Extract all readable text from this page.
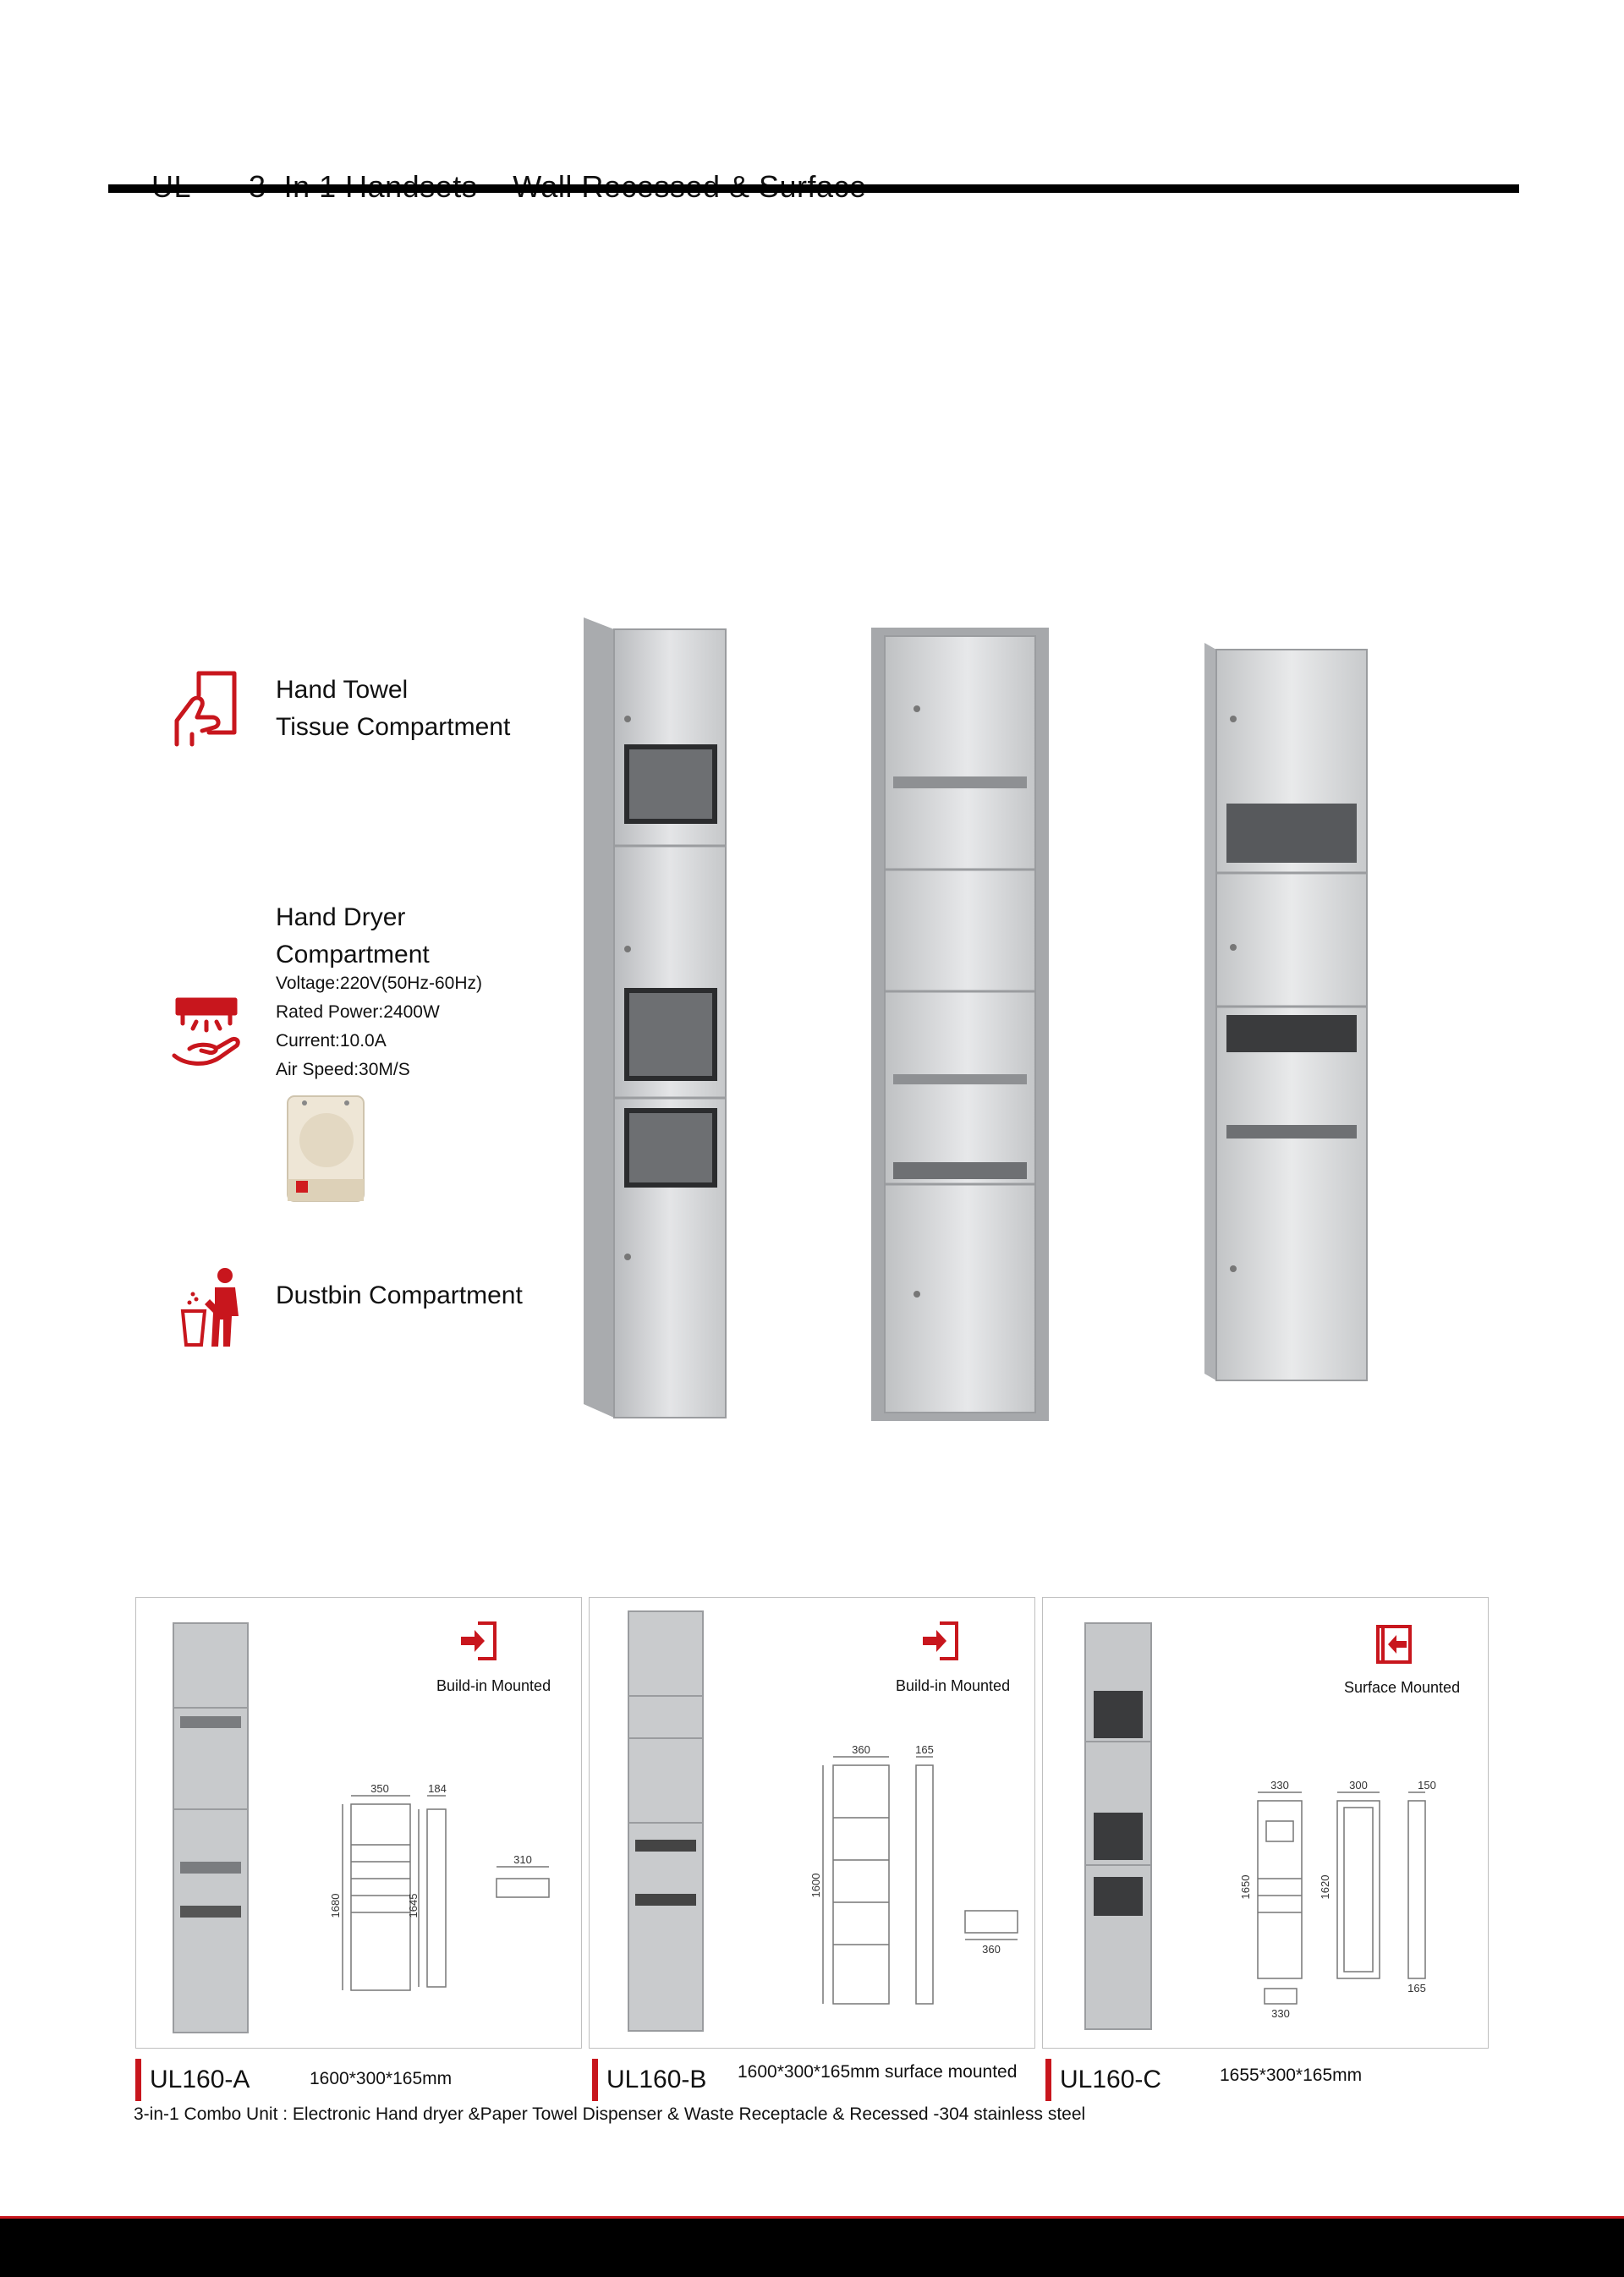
Hand Towel
Tissue Compartment
Hand Dryer
Compartment
Voltage:220V(50Hz-60Hz)
Rated Power:2400W
Current:10.0A
Air Speed:30M/S
Dustbin Compartment
Build-in Mounted
350	184
1680	1645
310
Build-in Mounted
360	165
1600
360
Surface Mounted
330	300	150
1650	1620
165
330
UL160-A	1600*300*165mm	UL160-B 1600*300*165mm surface mounted	UL160-C	1655*300*165mm
3-in-1 Combo Unit : Electronic Hand dryer &Paper Towel Dispenser & Waste Receptacle & Recessed -304 stainless steel
